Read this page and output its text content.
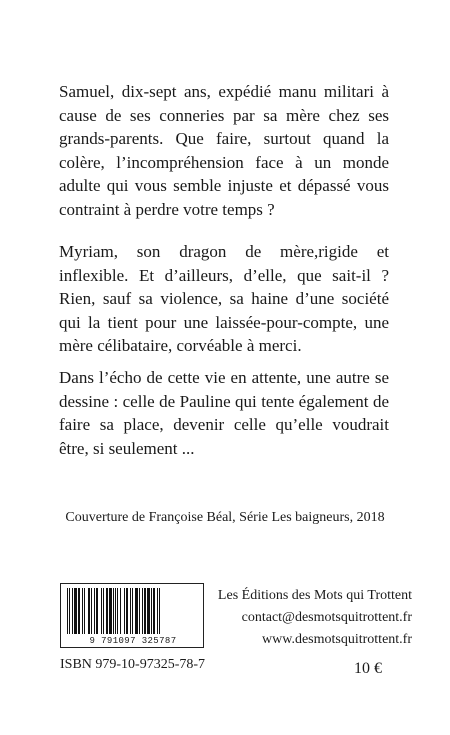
Samuel, dix-sept ans, expédié manu militari à cause de ses conneries par sa mère chez ses grands-parents. Que faire, surtout quand la colère, l’incompréhension face à un monde adulte qui vous semble injuste et dépassé vous contraint à perdre votre temps ?

Myriam, son dragon de mère,rigide et inflexible. Et d’ailleurs, d’elle, que sait-il ? Rien, sauf sa violence, sa haine d’une société qui la tient pour une laissée-pour-compte, une mère célibataire, corvéable à merci.

Dans l’écho de cette vie en attente, une autre se dessine : celle de Pauline qui tente également de faire sa place, devenir celle qu’elle voudrait être, si seulement ...

Couverture de Françoise Béal, Série Les baigneurs, 2018
9 791097 325787
ISBN 979-10-97325-78-7
Les Éditions des Mots qui Trottent
contact@desmotsquitrottent.fr
www.desmotsquitrottent.fr
10 €
